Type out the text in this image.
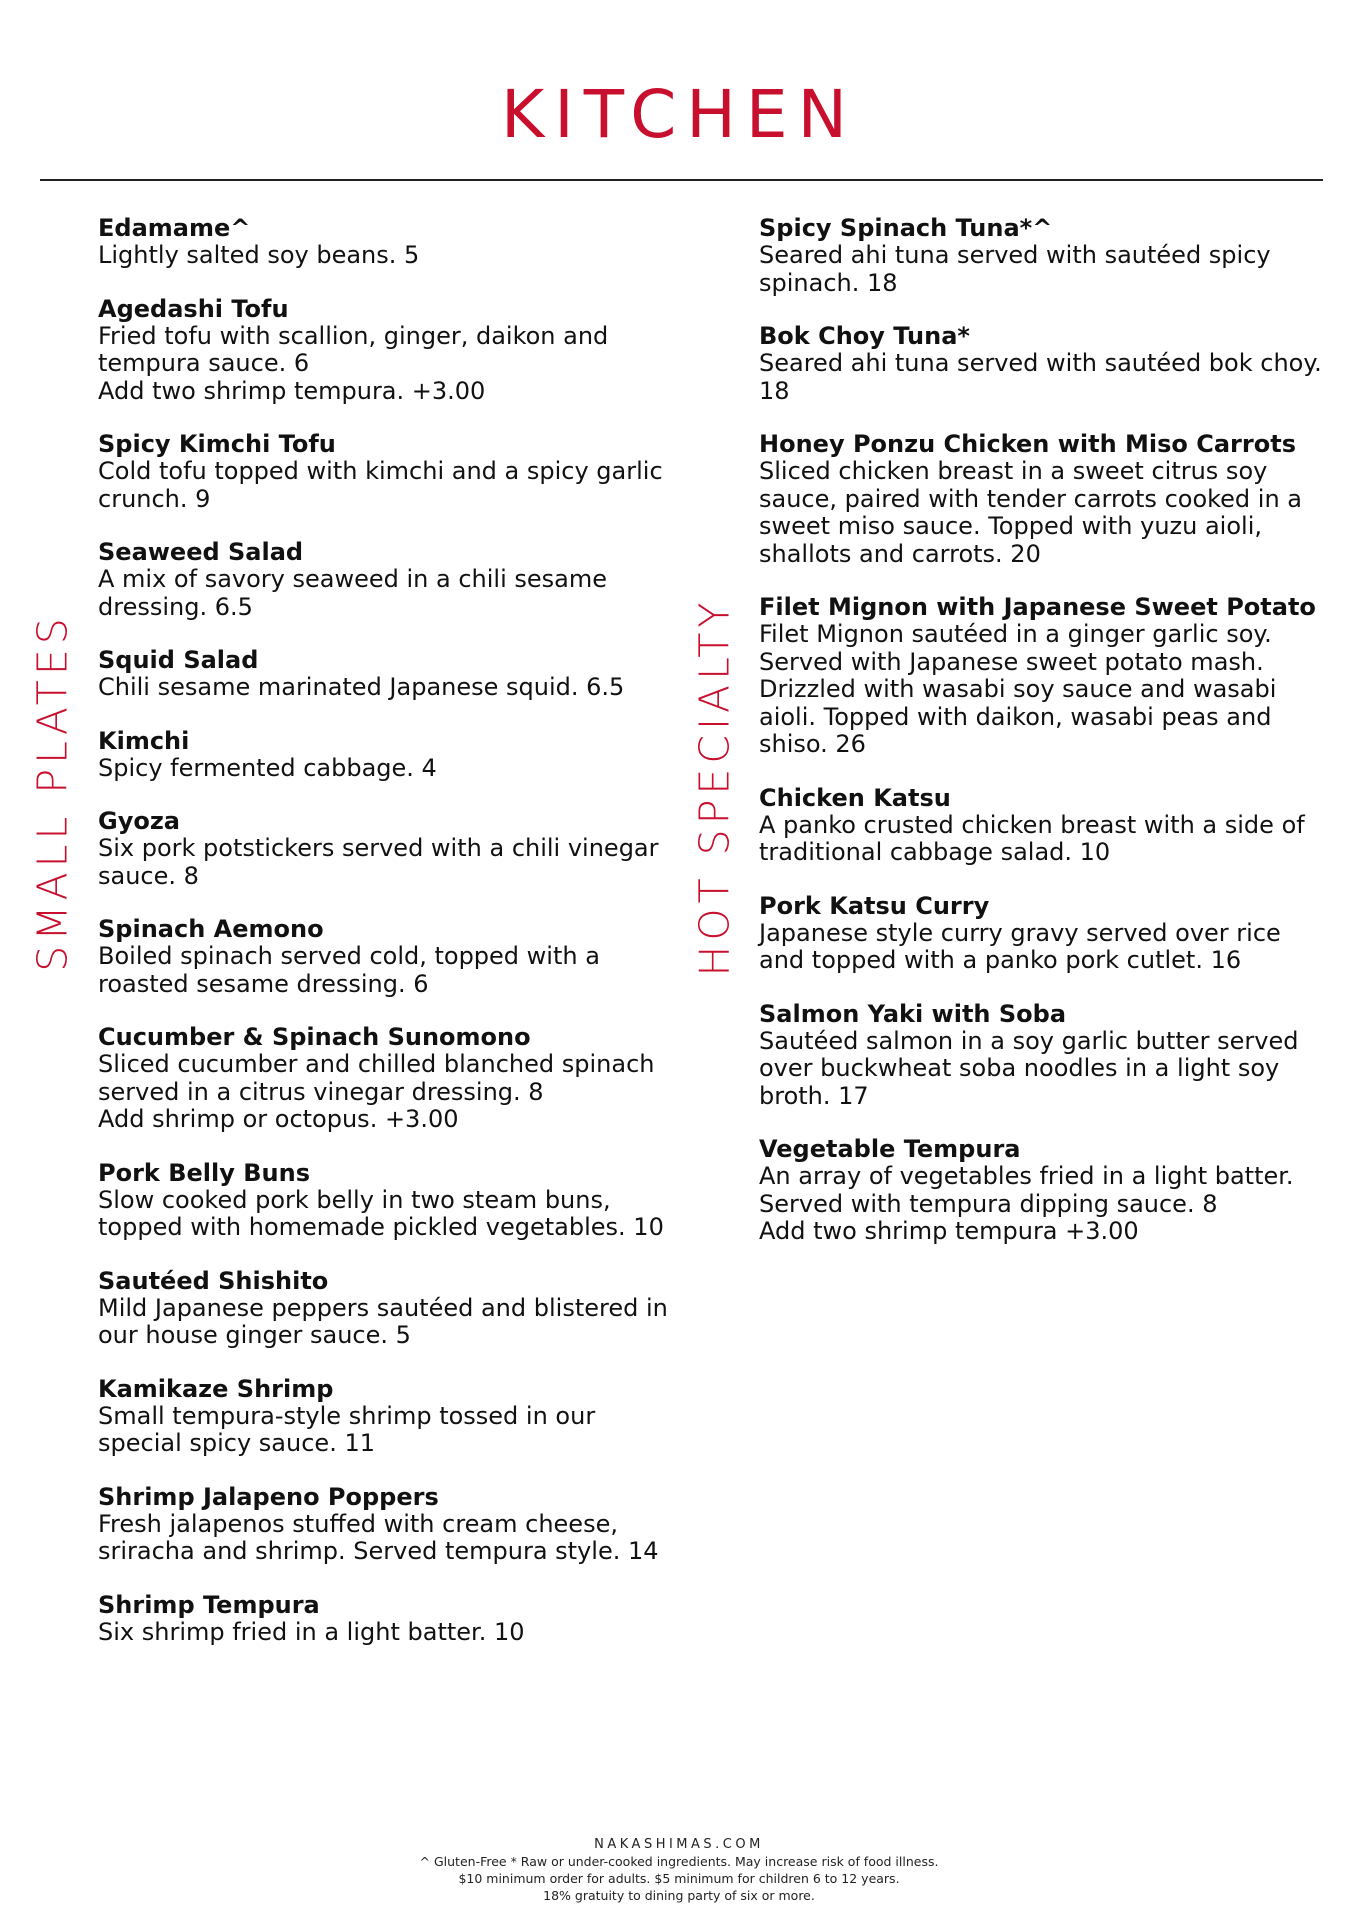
KITCHEN
SMALL PLATES	HOT SPECIALTY

Edamame^

Lightly salted soy beans. 5

Agedashi Tofu

Fried tofu with scallion, ginger, daikon and tempura sauce. 6

Add two shrimp tempura. +3.00

Spicy Kimchi Tofu

Cold tofu topped with kimchi and a spicy garlic crunch. 9

Seaweed Salad

A mix of savory seaweed in a chili sesame dressing. 6.5

Squid Salad

Chili sesame marinated Japanese squid. 6.5

Kimchi

Spicy fermented cabbage. 4

Gyoza

Six pork potstickers served with a chili vinegar sauce. 8

Spinach Aemono

Boiled spinach served cold, topped with a roasted sesame dressing. 6

Cucumber & Spinach Sunomono

Sliced cucumber and chilled blanched spinach served in a citrus vinegar dressing. 8

Add shrimp or octopus. +3.00

Pork Belly Buns

Slow cooked pork belly in two steam buns, topped with homemade pickled vegetables. 10

Sautéed Shishito

Mild Japanese peppers sautéed and blistered in our house ginger sauce. 5

Kamikaze Shrimp

Small tempura-style shrimp tossed in our special spicy sauce. 11

Shrimp Jalapeno Poppers

Fresh jalapenos stuffed with cream cheese, sriracha and shrimp. Served tempura style. 14

Shrimp Tempura

Six shrimp fried in a light batter. 10

Spicy Spinach Tuna*^

Seared ahi tuna served with sautéed spicy spinach. 18

Bok Choy Tuna*

Seared ahi tuna served with sautéed bok choy. 18

Honey Ponzu Chicken with Miso Carrots

Sliced chicken breast in a sweet citrus soy sauce, paired with tender carrots cooked in a sweet miso sauce. Topped with yuzu aioli, shallots and carrots. 20

Filet Mignon with Japanese Sweet Potato

Filet Mignon sautéed in a ginger garlic soy. Served with Japanese sweet potato mash. Drizzled with wasabi soy sauce and wasabi aioli. Topped with daikon, wasabi peas and shiso. 26

Chicken Katsu

A panko crusted chicken breast with a side of traditional cabbage salad. 10

Pork Katsu Curry

Japanese style curry gravy served over rice and topped with a panko pork cutlet. 16

Salmon Yaki with Soba

Sautéed salmon in a soy garlic butter served over buckwheat soba noodles in a light soy broth. 17

Vegetable Tempura

An array of vegetables fried in a light batter. Served with tempura dipping sauce. 8

Add two shrimp tempura +3.00

NAKASHIMAS.COM
^ Gluten-Free * Raw or under-cooked ingredients. May increase risk of food illness.
$10 minimum order for adults. $5 minimum for children 6 to 12 years.
18% gratuity to dining party of six or more.
